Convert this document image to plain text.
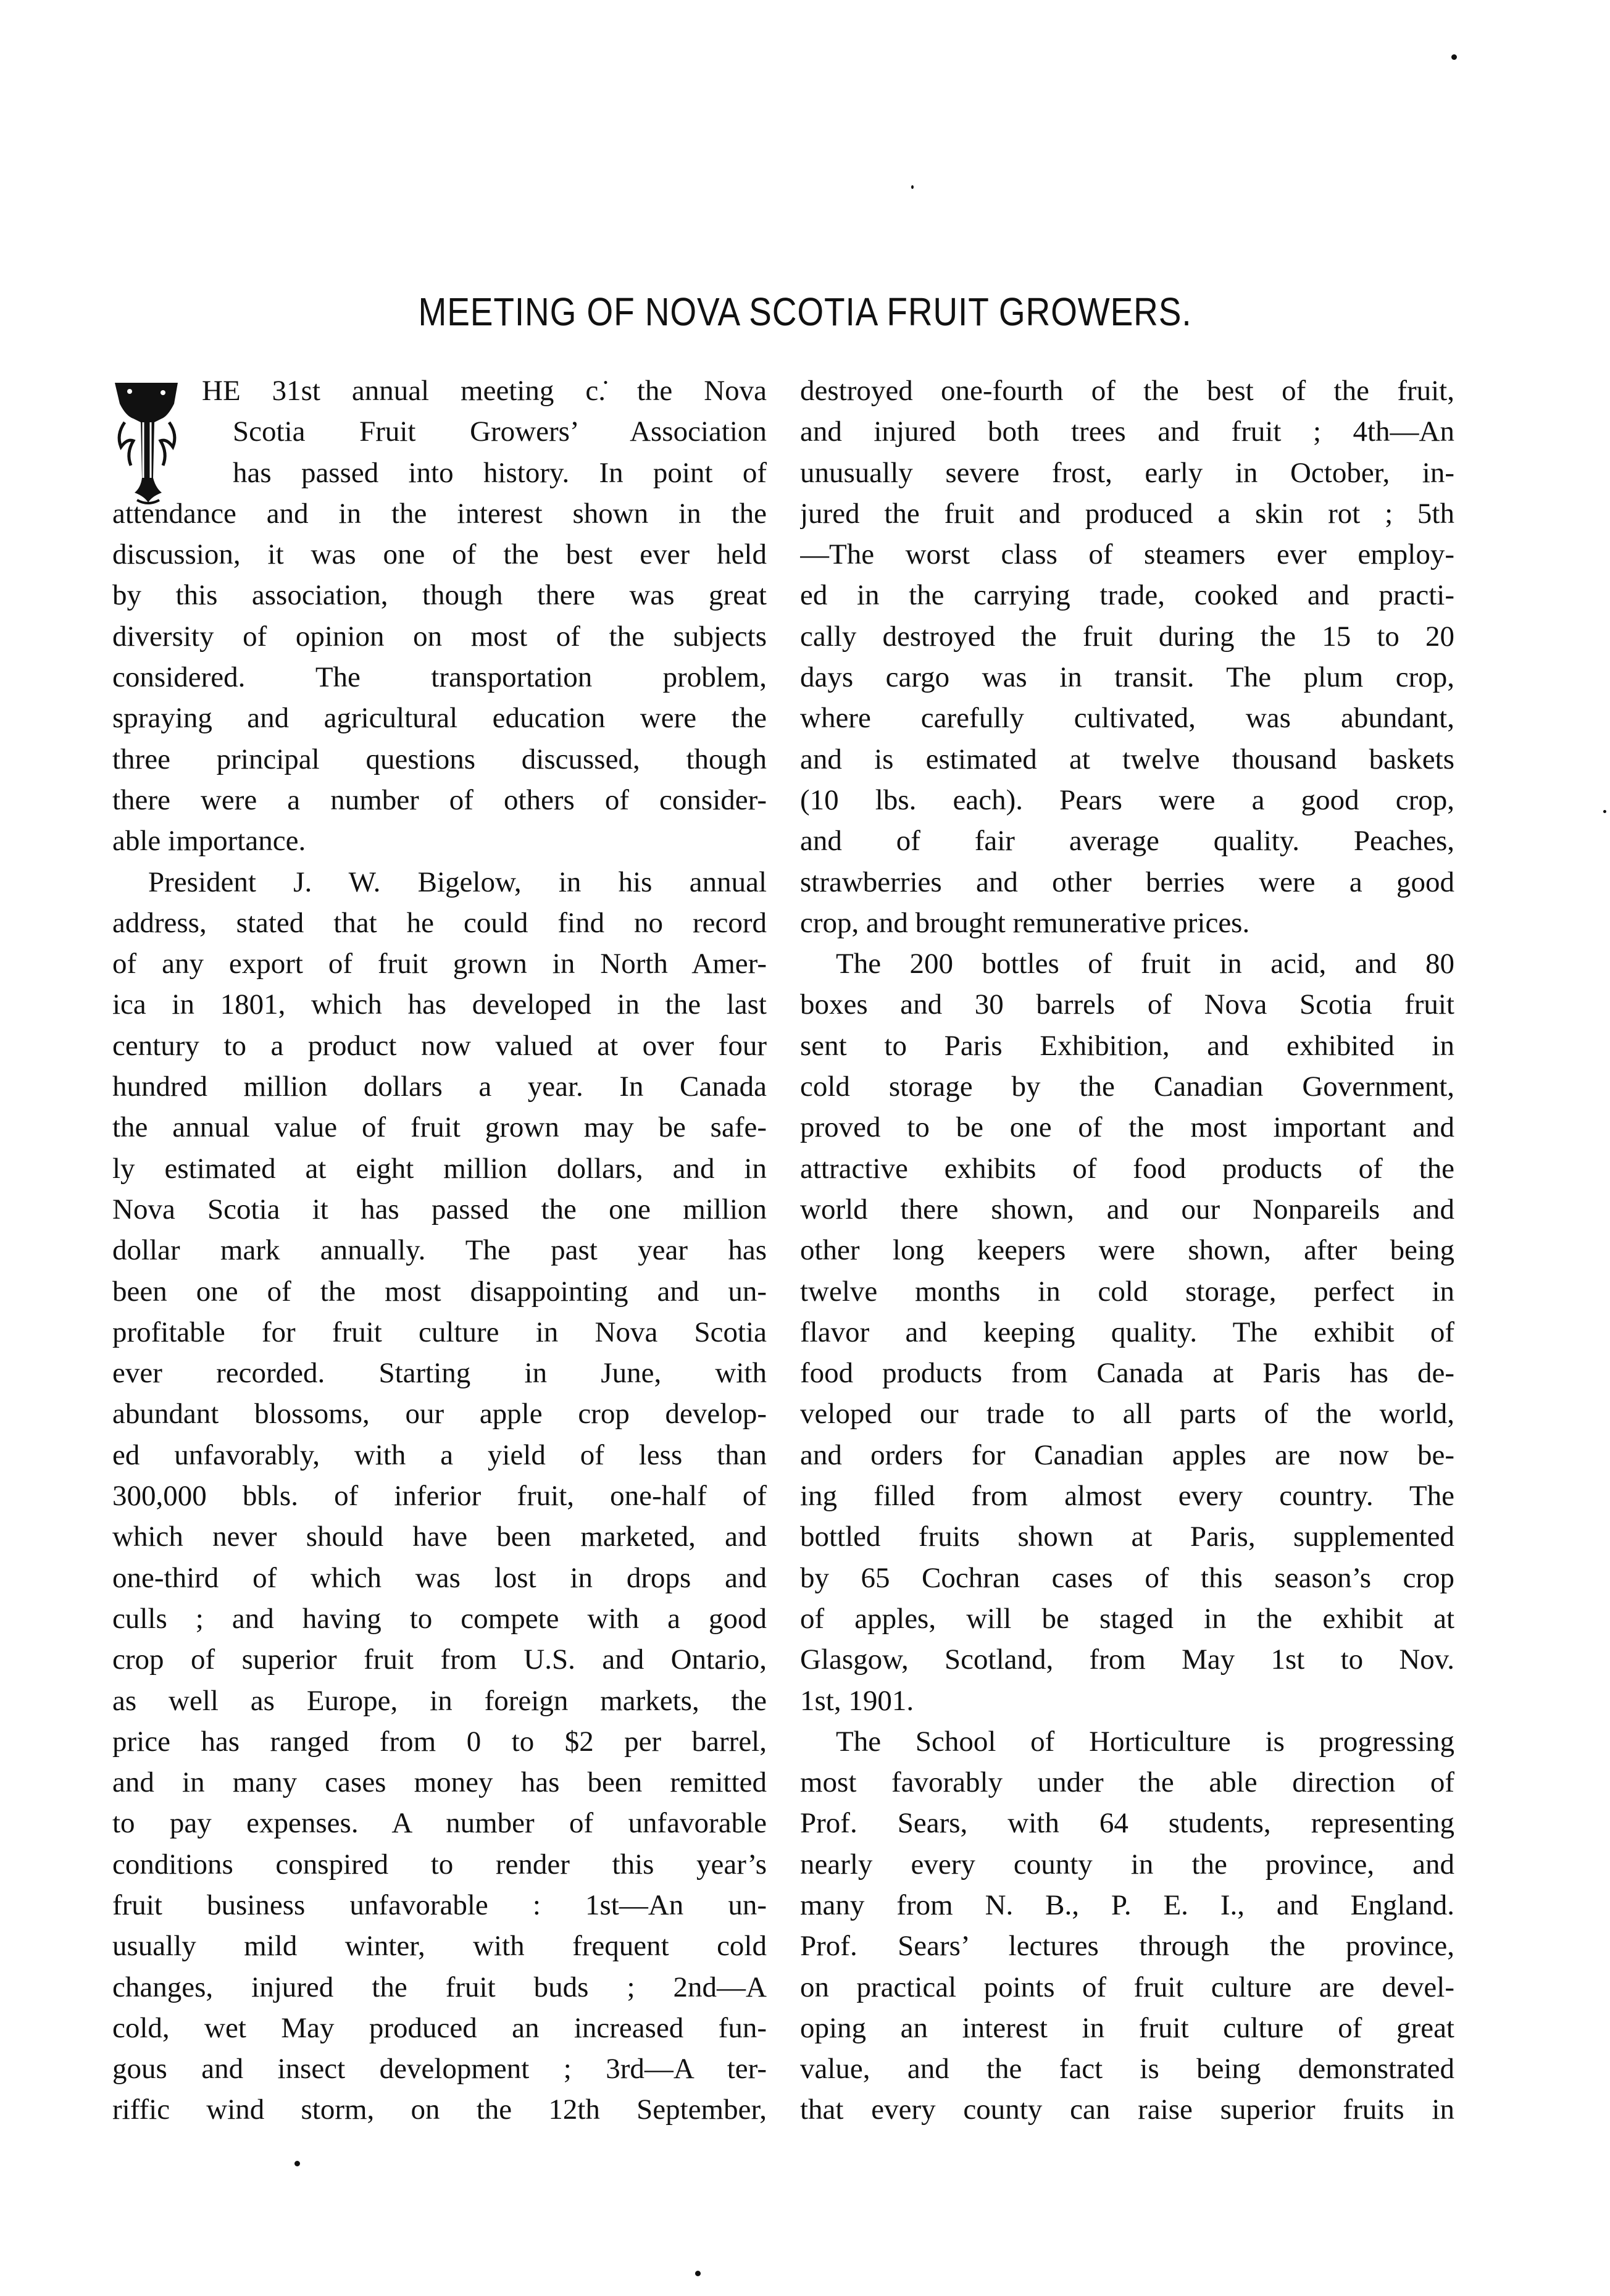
MEETING OF NOVA SCOTIA FRUIT GROWERS.
HE 31st annual meeting c.̇ the Nova
Scotia Fruit Growers’ Association
has passed into history. In point of
attendance and in the interest shown in the
discussion, it was one of the best ever held
by this association, though there was great
diversity of opinion on most of the subjects
considered. The transportation problem,
spraying and agricultural education were the
three principal questions discussed, though
there were a number of others of consider-
able importance.
President J. W. Bigelow, in his annual
address, stated that he could find no record
of any export of fruit grown in North Amer-
ica in 1801, which has developed in the last
century to a product now valued at over four
hundred million dollars a year. In Canada
the annual value of fruit grown may be safe-
ly estimated at eight million dollars, and in
Nova Scotia it has passed the one million
dollar mark annually. The past year has
been one of the most disappointing and un-
profitable for fruit culture in Nova Scotia
ever recorded. Starting in June, with
abundant blossoms, our apple crop develop-
ed unfavorably, with a yield of less than
300,000 bbls. of inferior fruit, one-half of
which never should have been marketed, and
one-third of which was lost in drops and
culls ; and having to compete with a good
crop of superior fruit from U.S. and Ontario,
as well as Europe, in foreign markets, the
price has ranged from 0 to $2 per barrel,
and in many cases money has been remitted
to pay expenses. A number of unfavorable
conditions conspired to render this year’s
fruit business unfavorable : 1st—An un-
usually mild winter, with frequent cold
changes, injured the fruit buds ; 2nd—A
cold, wet May produced an increased fun-
gous and insect development ; 3rd—A ter-
riffic wind storm, on the 12th September,
destroyed one-fourth of the best of the fruit,
and injured both trees and fruit ; 4th—An
unusually severe frost, early in October, in-
jured the fruit and produced a skin rot ; 5th
—The worst class of steamers ever employ-
ed in the carrying trade, cooked and practi-
cally destroyed the fruit during the 15 to 20
days cargo was in transit. The plum crop,
where carefully cultivated, was abundant,
and is estimated at twelve thousand baskets
(10 lbs. each). Pears were a good crop,
and of fair average quality. Peaches,
strawberries and other berries were a good
crop, and brought remunerative prices.
The 200 bottles of fruit in acid, and 80
boxes and 30 barrels of Nova Scotia fruit
sent to Paris Exhibition, and exhibited in
cold storage by the Canadian Government,
proved to be one of the most important and
attractive exhibits of food products of the
world there shown, and our Nonpareils and
other long keepers were shown, after being
twelve months in cold storage, perfect in
flavor and keeping quality. The exhibit of
food products from Canada at Paris has de-
veloped our trade to all parts of the world,
and orders for Canadian apples are now be-
ing filled from almost every country. The
bottled fruits shown at Paris, supplemented
by 65 Cochran cases of this season’s crop
of apples, will be staged in the exhibit at
Glasgow, Scotland, from May 1st to Nov.
1st, 1901.
The School of Horticulture is progressing
most favorably under the able direction of
Prof. Sears, with 64 students, representing
nearly every county in the province, and
many from N. B., P. E. I., and England.
Prof. Sears’ lectures through the province,
on practical points of fruit culture are devel-
oping an interest in fruit culture of great
value, and the fact is being demonstrated
that every county can raise superior fruits in
